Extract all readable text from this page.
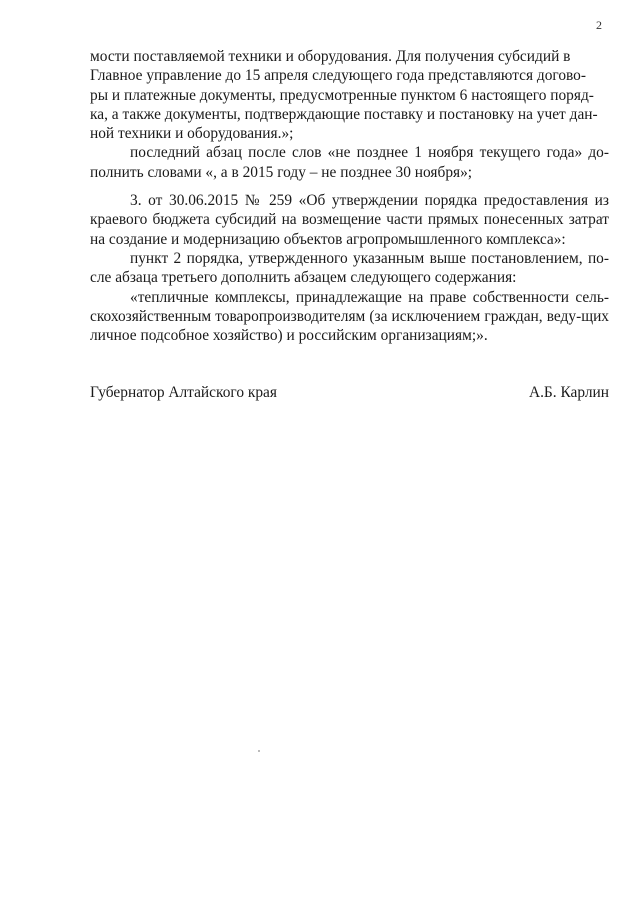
2

мости поставляемой техники и оборудования. Для получения субсидий в
Главное управление до 15 апреля следующего года представляются догово-
ры и платежные документы, предусмотренные пунктом 6 настоящего поряд-
ка, а также документы, подтверждающие поставку и постановку на учет дан-
ной техники и оборудования.»;

последний абзац после слов «не позднее 1 ноября текущего года» до-полнить словами «, а в 2015 году – не позднее 30 ноября»;

3. от 30.06.2015 № 259 «Об утверждении порядка предоставления из краевого бюджета субсидий на возмещение части прямых понесенных затрат на создание и модернизацию объектов агропромышленного комплекса»:

пункт 2 порядка, утвержденного указанным выше постановлением, по-сле абзаца третьего дополнить абзацем следующего содержания:

«тепличные комплексы, принадлежащие на праве собственности сель-скохозяйственным товаропроизводителям (за исключением граждан, веду-щих личное подсобное хозяйство) и российским организациям;».

Губернатор Алтайского края	А.Б. Карлин
